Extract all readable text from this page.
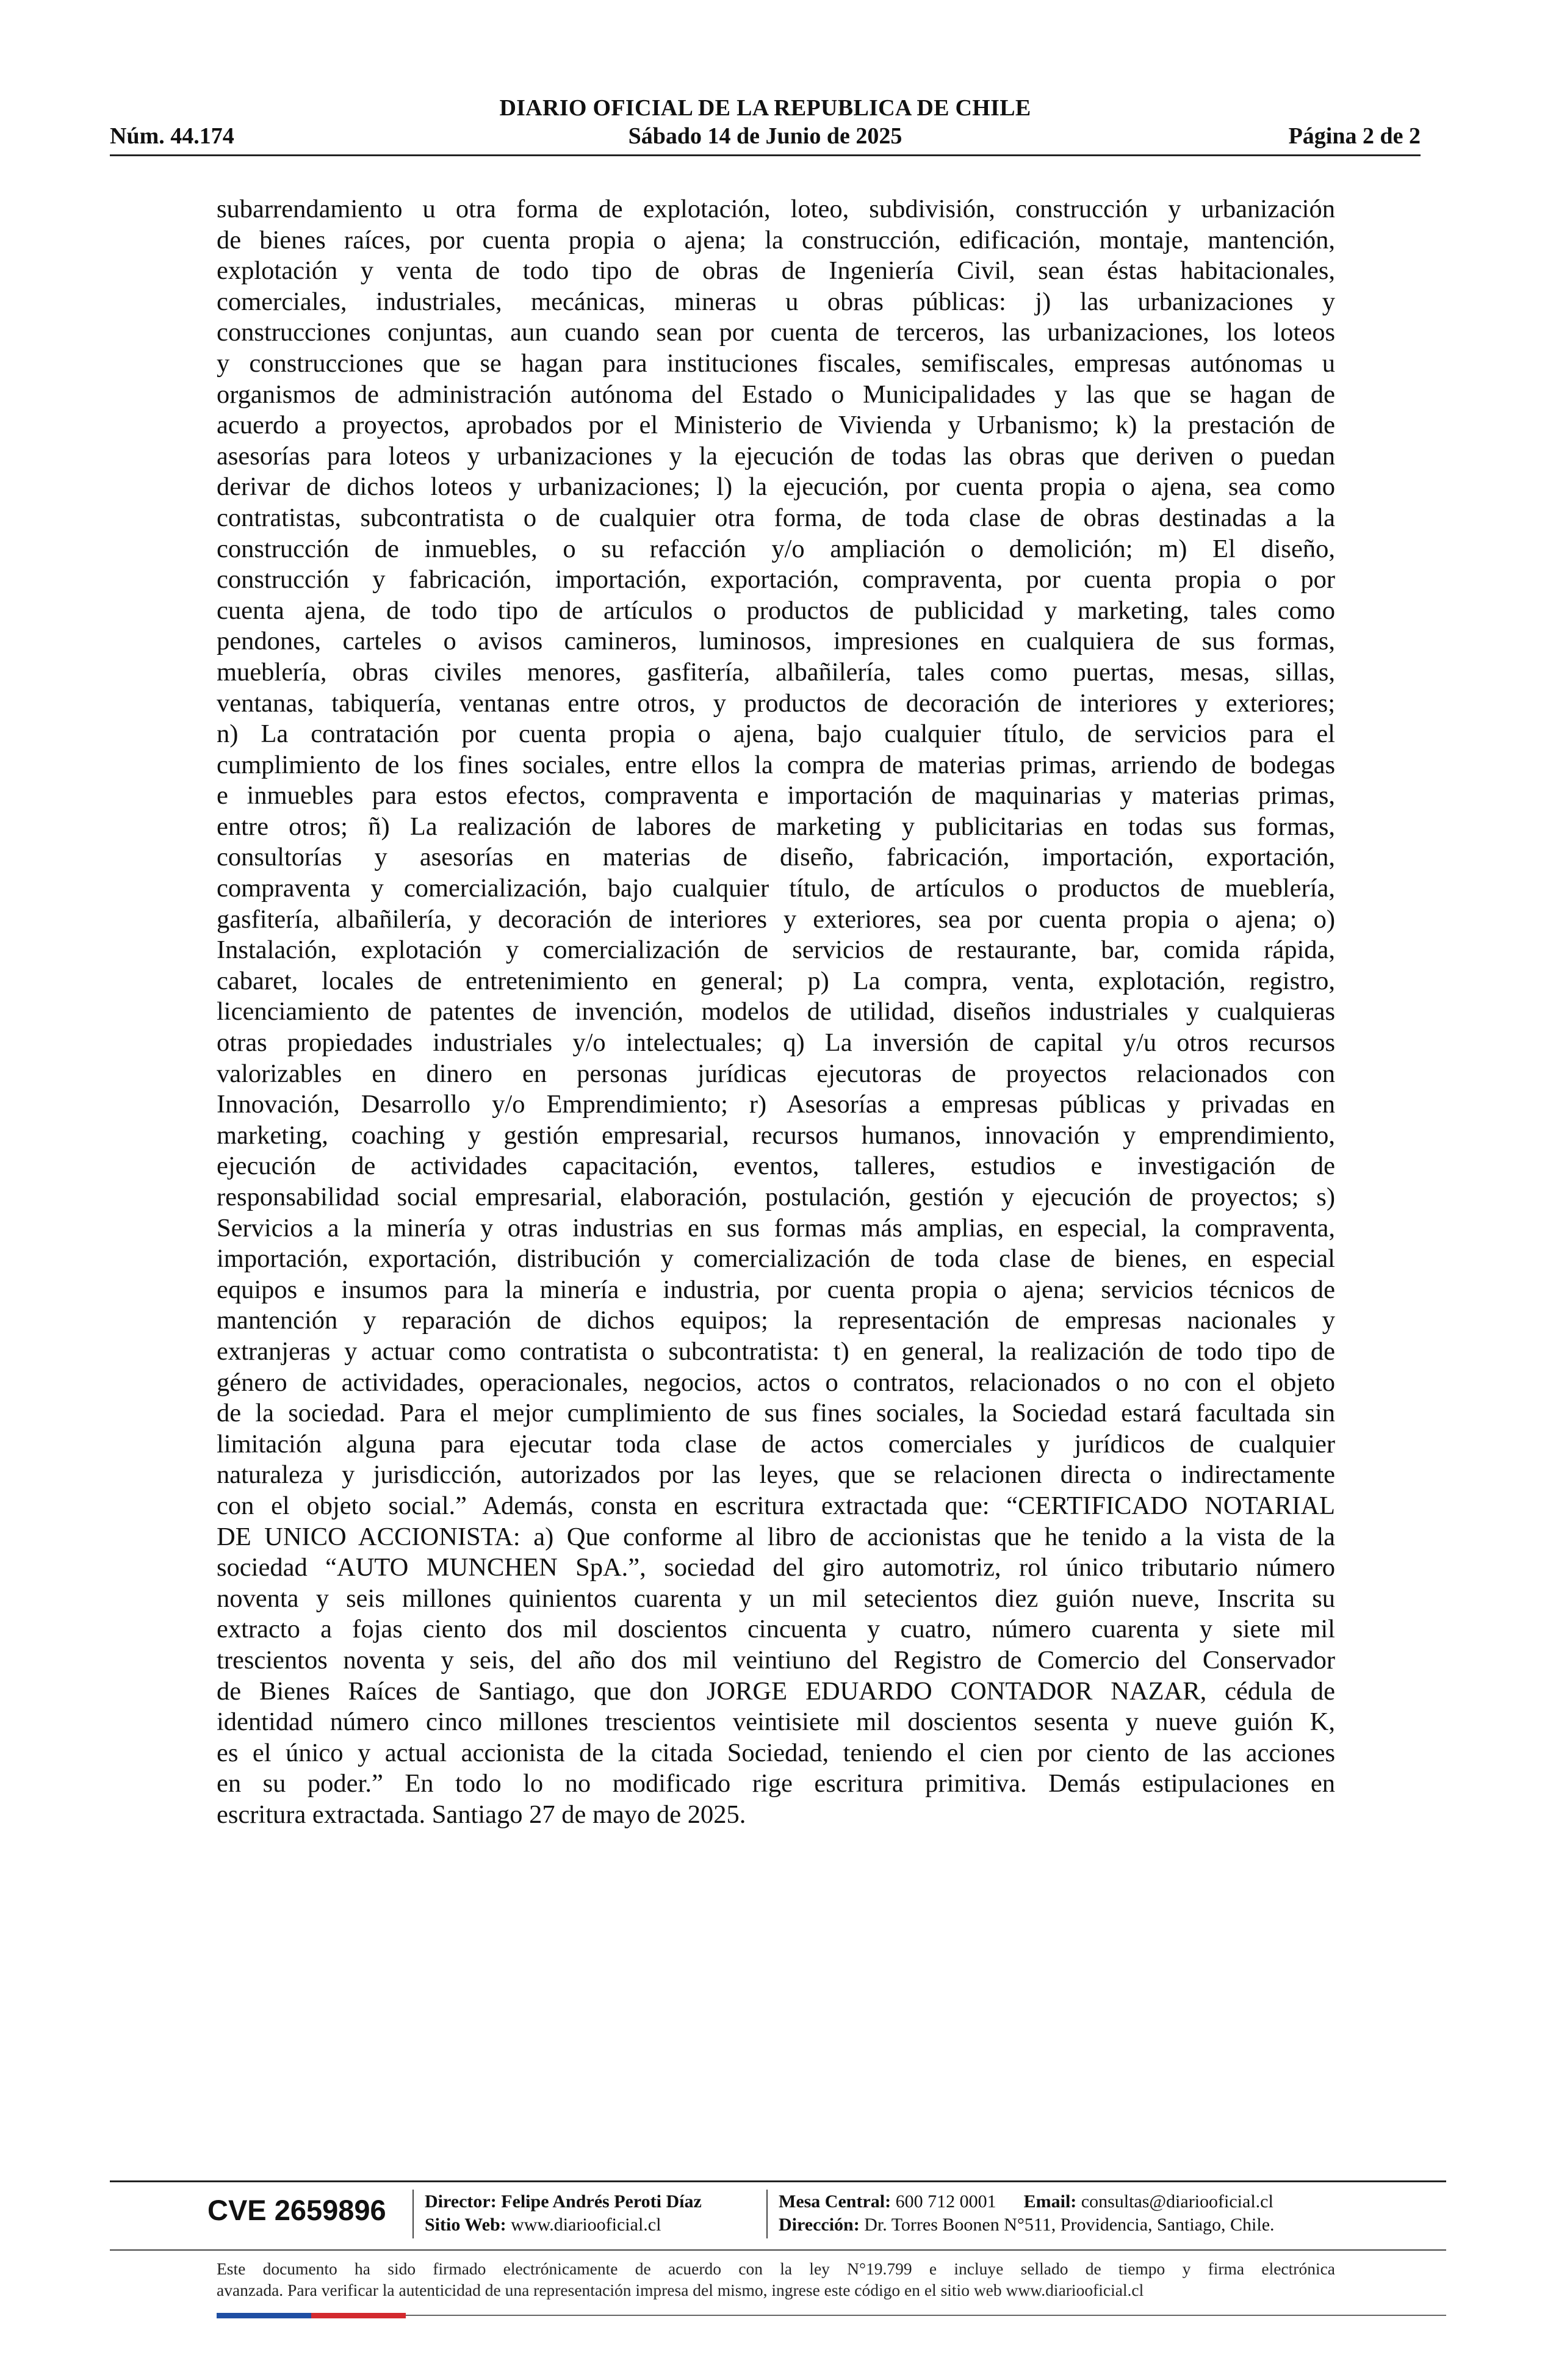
DIARIO OFICIAL DE LA REPUBLICA DE CHILE
Núm. 44.174	Sábado 14 de Junio de 2025	Página 2 de 2
subarrendamiento u otra forma de explotación, loteo, subdivisión, construcción y urbanización
de bienes raíces, por cuenta propia o ajena; la construcción, edificación, montaje, mantención,
explotación y venta de todo tipo de obras de Ingeniería Civil, sean éstas habitacionales,
comerciales, industriales, mecánicas, mineras u obras públicas: j) las urbanizaciones y
construcciones conjuntas, aun cuando sean por cuenta de terceros, las urbanizaciones, los loteos
y construcciones que se hagan para instituciones fiscales, semifiscales, empresas autónomas u
organismos de administración autónoma del Estado o Municipalidades y las que se hagan de
acuerdo a proyectos, aprobados por el Ministerio de Vivienda y Urbanismo; k) la prestación de
asesorías para loteos y urbanizaciones y la ejecución de todas las obras que deriven o puedan
derivar de dichos loteos y urbanizaciones; l) la ejecución, por cuenta propia o ajena, sea como
contratistas, subcontratista o de cualquier otra forma, de toda clase de obras destinadas a la
construcción de inmuebles, o su refacción y/o ampliación o demolición; m) El diseño,
construcción y fabricación, importación, exportación, compraventa, por cuenta propia o por
cuenta ajena, de todo tipo de artículos o productos de publicidad y marketing, tales como
pendones, carteles o avisos camineros, luminosos, impresiones en cualquiera de sus formas,
mueblería, obras civiles menores, gasfitería, albañilería, tales como puertas, mesas, sillas,
ventanas, tabiquería, ventanas entre otros, y productos de decoración de interiores y exteriores;
n) La contratación por cuenta propia o ajena, bajo cualquier título, de servicios para el
cumplimiento de los fines sociales, entre ellos la compra de materias primas, arriendo de bodegas
e inmuebles para estos efectos, compraventa e importación de maquinarias y materias primas,
entre otros; ñ) La realización de labores de marketing y publicitarias en todas sus formas,
consultorías y asesorías en materias de diseño, fabricación, importación, exportación,
compraventa y comercialización, bajo cualquier título, de artículos o productos de mueblería,
gasfitería, albañilería, y decoración de interiores y exteriores, sea por cuenta propia o ajena; o)
Instalación, explotación y comercialización de servicios de restaurante, bar, comida rápida,
cabaret, locales de entretenimiento en general; p) La compra, venta, explotación, registro,
licenciamiento de patentes de invención, modelos de utilidad, diseños industriales y cualquieras
otras propiedades industriales y/o intelectuales; q) La inversión de capital y/u otros recursos
valorizables en dinero en personas jurídicas ejecutoras de proyectos relacionados con
Innovación, Desarrollo y/o Emprendimiento; r) Asesorías a empresas públicas y privadas en
marketing, coaching y gestión empresarial, recursos humanos, innovación y emprendimiento,
ejecución de actividades capacitación, eventos, talleres, estudios e investigación de
responsabilidad social empresarial, elaboración, postulación, gestión y ejecución de proyectos; s)
Servicios a la minería y otras industrias en sus formas más amplias, en especial, la compraventa,
importación, exportación, distribución y comercialización de toda clase de bienes, en especial
equipos e insumos para la minería e industria, por cuenta propia o ajena; servicios técnicos de
mantención y reparación de dichos equipos; la representación de empresas nacionales y
extranjeras y actuar como contratista o subcontratista: t) en general, la realización de todo tipo de
género de actividades, operacionales, negocios, actos o contratos, relacionados o no con el objeto
de la sociedad. Para el mejor cumplimiento de sus fines sociales, la Sociedad estará facultada sin
limitación alguna para ejecutar toda clase de actos comerciales y jurídicos de cualquier
naturaleza y jurisdicción, autorizados por las leyes, que se relacionen directa o indirectamente
con el objeto social.” Además, consta en escritura extractada que: “CERTIFICADO NOTARIAL
DE UNICO ACCIONISTA: a) Que conforme al libro de accionistas que he tenido a la vista de la
sociedad “AUTO MUNCHEN SpA.”, sociedad del giro automotriz, rol único tributario número
noventa y seis millones quinientos cuarenta y un mil setecientos diez guión nueve, Inscrita su
extracto a fojas ciento dos mil doscientos cincuenta y cuatro, número cuarenta y siete mil
trescientos noventa y seis, del año dos mil veintiuno del Registro de Comercio del Conservador
de Bienes Raíces de Santiago, que don JORGE EDUARDO CONTADOR NAZAR, cédula de
identidad número cinco millones trescientos veintisiete mil doscientos sesenta y nueve guión K,
es el único y actual accionista de la citada Sociedad, teniendo el cien por ciento de las acciones
en su poder.” En todo lo no modificado rige escritura primitiva. Demás estipulaciones en
escritura extractada. Santiago 27 de mayo de 2025.
CVE 2659896	Director: Felipe Andrés Peroti Díaz
Sitio Web: www.diariooficial.cl
Mesa Central: 600 712 0001 Email: consultas@diariooficial.cl
Dirección: Dr. Torres Boonen N°511, Providencia, Santiago, Chile.
Este documento ha sido firmado electrónicamente de acuerdo con la ley N°19.799 e incluye sellado de tiempo y firma electrónica
avanzada. Para verificar la autenticidad de una representación impresa del mismo, ingrese este código en el sitio web www.diariooficial.cl
